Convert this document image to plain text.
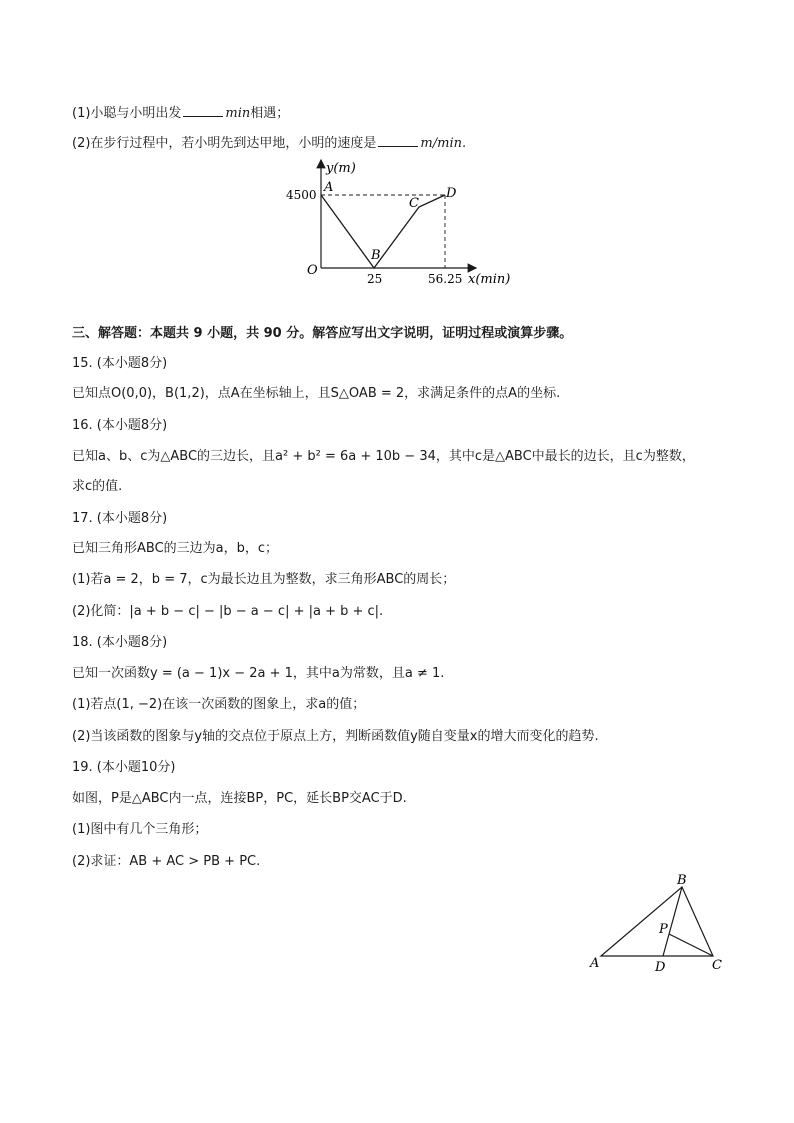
(1)小聪与小明出发	min相遇；
(2)在步行过程中，若小明先到达甲地，小明的速度是	m/min.
y(m)
x(min)
O
4500
25	56.25
A
B
C
D
三、解答题：本题共 9 小题，共 90 分。解答应写出文字说明，证明过程或演算步骤。
15. (本小题8分)
已知点O(0,0)，B(1,2)，点A在坐标轴上，且S△OAB = 2，求满足条件的点A的坐标.
16. (本小题8分)
已知a、b、c为△ABC的三边长，且a² + b² = 6a + 10b − 34，其中c是△ABC中最长的边长，且c为整数，
求c的值.
17. (本小题8分)
已知三角形ABC的三边为a，b，c；
(1)若a = 2，b = 7，c为最长边且为整数，求三角形ABC的周长；
(2)化简：|a + b − c| − |b − a − c| + |a + b + c|.
18. (本小题8分)
已知一次函数y = (a − 1)x − 2a + 1，其中a为常数，且a ≠ 1.
(1)若点(1, −2)在该一次函数的图象上，求a的值；
(2)当该函数的图象与y轴的交点位于原点上方，判断函数值y随自变量x的增大而变化的趋势.
19. (本小题10分)
如图，P是△ABC内一点，连接BP，PC，延长BP交AC于D.
(1)图中有几个三角形；
(2)求证：AB + AC > PB + PC.
A
B
C
D
P
